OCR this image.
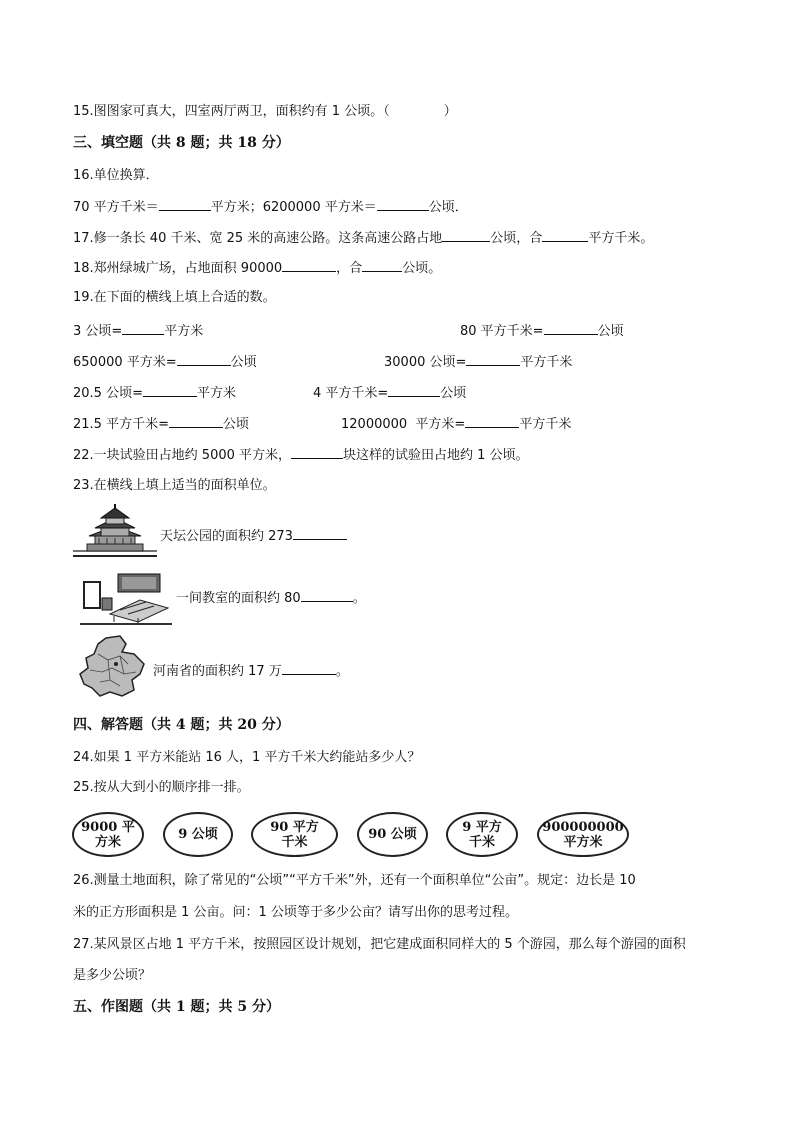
15.图图家可真大，四室两厅两卫，面积约有 1 公顷。（	）
三、填空题（共 8 题；共 18 分）
16.单位换算．
70 平方千米＝	平方米；6200000 平方米＝	公顷．
17.修一条长 40 千米、宽 25 米的高速公路。这条高速公路占地	公顷，合	平方千米。
18.郑州绿城广场，占地面积 90000	，合	公顷。
19.在下面的横线上填上合适的数。
3 公顷=	平方米	80 平方千米=	公顷
650000 平方米=	公顷	30000 公顷=	平方千米
20.5 公顷=	平方米	4 平方千米=	公顷
21.5 平方千米=	公顷	12000000  平方米=	平方千米
22.一块试验田占地约 5000 平方米，	块这样的试验田占地约 1 公顷。
23.在横线上填上适当的面积单位。
天坛公园的面积约 273
一间教室的面积约 80	。
河南省的面积约 17 万	。
四、解答题（共 4 题；共 20 分）
24.如果 1 平方米能站 16 人，1 平方千米大约能站多少人？
25.按从大到小的顺序排一排。
9000 平
方米	9 公顷	90 平方
千米	90 公顷	9 平方
千米
900000000
平方米
26.测量土地面积，除了常见的“公顷”“平方千米”外，还有一个面积单位“公亩”。规定：边长是 10
米的正方形面积是 1 公亩。问：1 公顷等于多少公亩？请写出你的思考过程。
27.某风景区占地 1 平方千米，按照园区设计规划，把它建成面积同样大的 5 个游园，那么每个游园的面积
是多少公顷？
五、作图题（共 1 题；共 5 分）
